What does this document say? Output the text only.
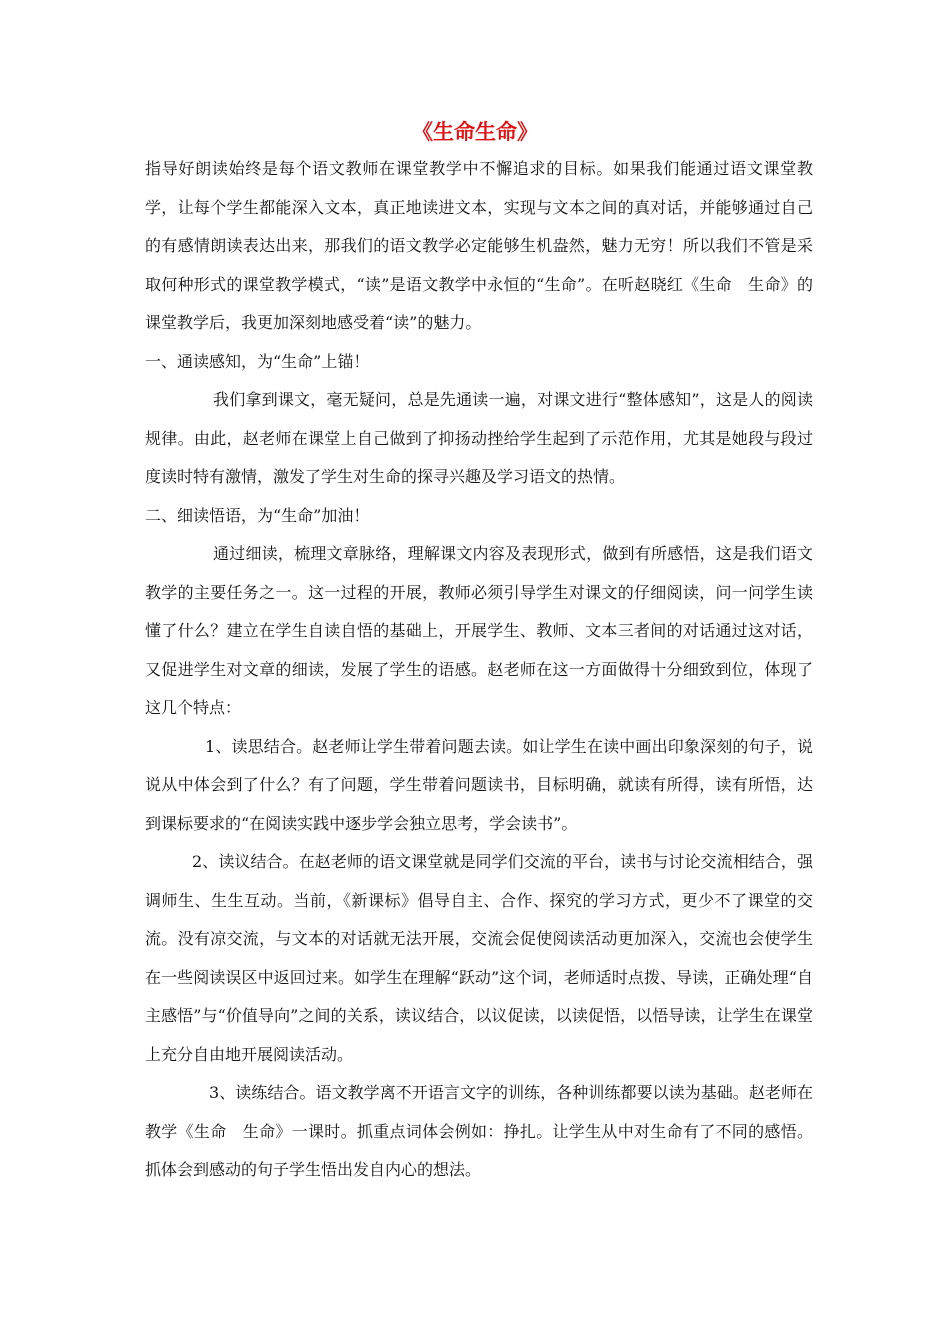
《生命生命》

指导好朗读始终是每个语文教师在课堂教学中不懈追求的目标。如果我们能通过语文课堂教学，让每个学生都能深入文本，真正地读进文本，实现与文本之间的真对话，并能够通过自己的有感情朗读表达出来，那我们的语文教学必定能够生机盎然，魅力无穷！所以我们不管是采取何种形式的课堂教学模式，“读”是语文教学中永恒的“生命”。在听赵晓红《生命　生命》的课堂教学后，我更加深刻地感受着“读”的魅力。

一、通读感知，为“生命”上锚！

我们拿到课文，毫无疑问，总是先通读一遍，对课文进行“整体感知”，这是人的阅读规律。由此，赵老师在课堂上自己做到了抑扬动挫给学生起到了示范作用，尤其是她段与段过度读时特有激情，激发了学生对生命的探寻兴趣及学习语文的热情。

二、细读悟语，为“生命”加油！

通过细读，梳理文章脉络，理解课文内容及表现形式，做到有所感悟，这是我们语文教学的主要任务之一。这一过程的开展，教师必须引导学生对课文的仔细阅读，问一问学生读懂了什么？建立在学生自读自悟的基础上，开展学生、教师、文本三者间的对话通过这对话，又促进学生对文章的细读，发展了学生的语感。赵老师在这一方面做得十分细致到位，体现了这几个特点：

1、读思结合。赵老师让学生带着问题去读。如让学生在读中画出印象深刻的句子，说说从中体会到了什么？有了问题，学生带着问题读书，目标明确，就读有所得，读有所悟，达到课标要求的“在阅读实践中逐步学会独立思考，学会读书”。

2、读议结合。在赵老师的语文课堂就是同学们交流的平台，读书与讨论交流相结合，强调师生、生生互动。当前，《新课标》倡导自主、合作、探究的学习方式，更少不了课堂的交流。没有凉交流，与文本的对话就无法开展，交流会促使阅读活动更加深入，交流也会使学生在一些阅读误区中返回过来。如学生在理解“跃动”这个词，老师适时点拨、导读，正确处理“自主感悟”与“价值导向”之间的关系，读议结合，以议促读，以读促悟，以悟导读，让学生在课堂上充分自由地开展阅读活动。

3、读练结合。语文教学离不开语言文字的训练，各种训练都要以读为基础。赵老师在教学《生命　生命》一课时。抓重点词体会例如：挣扎。让学生从中对生命有了不同的感悟。抓体会到感动的句子学生悟出发自内心的想法。
